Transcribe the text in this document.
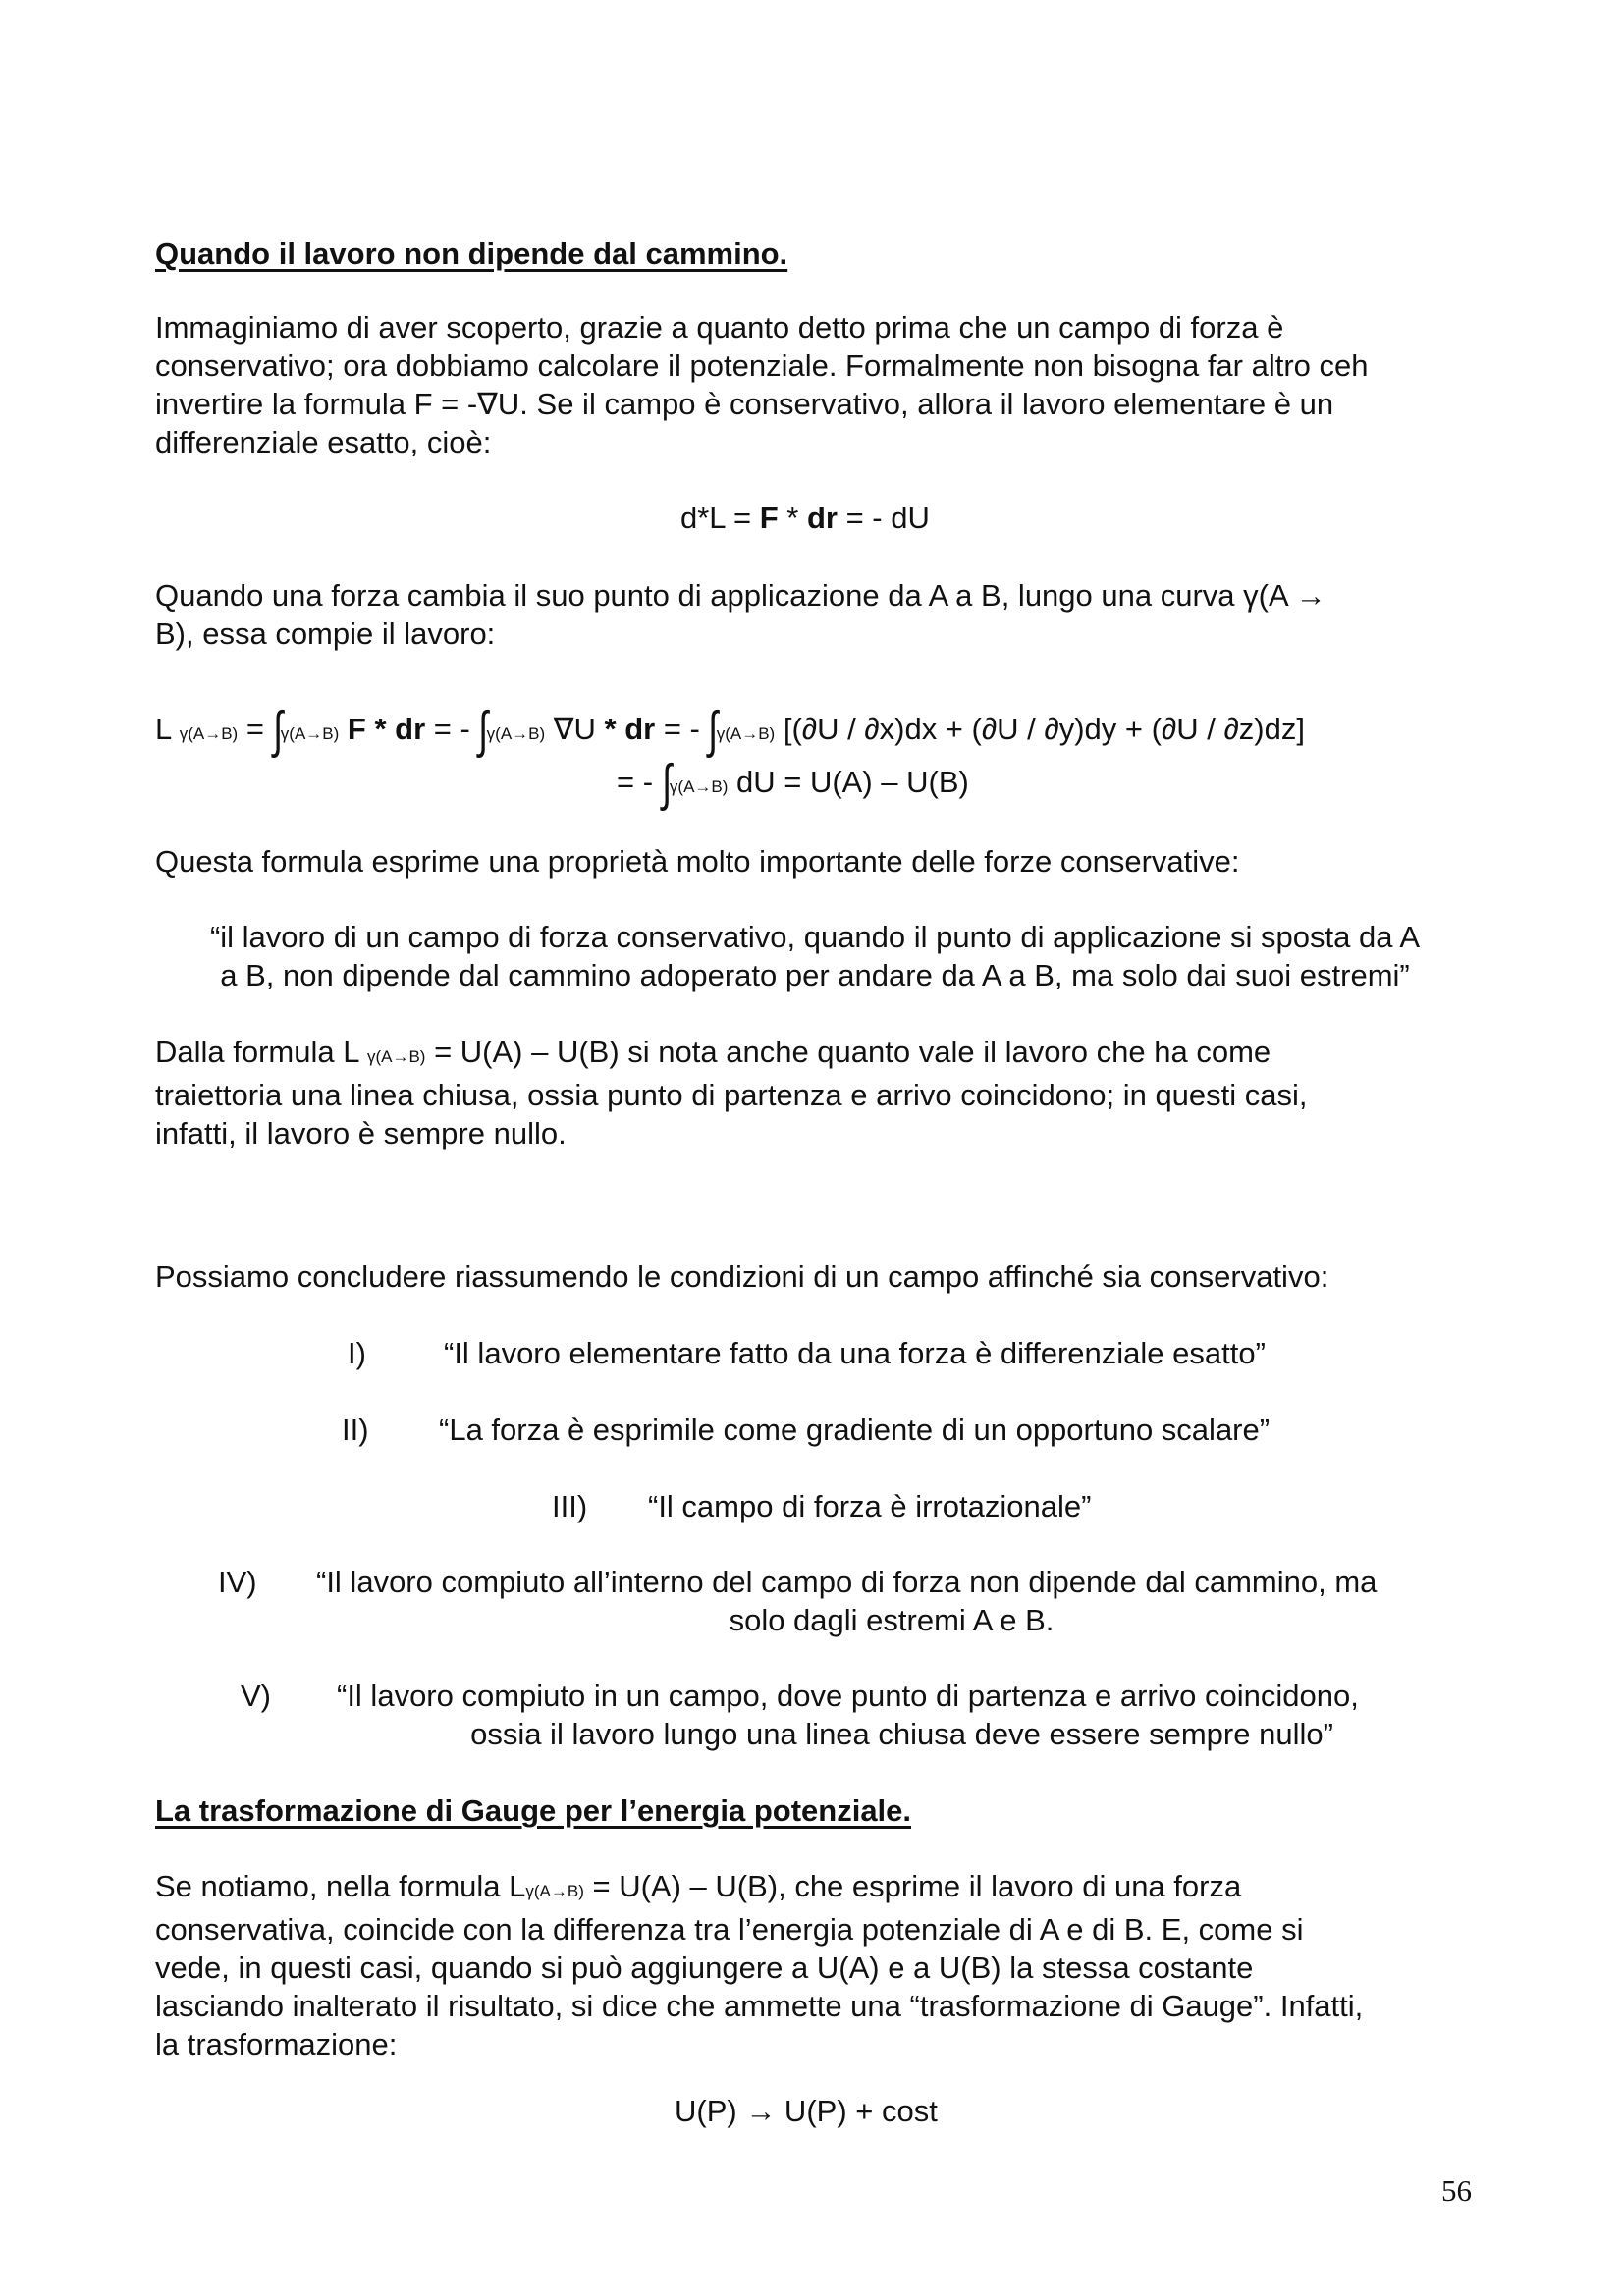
Quando il lavoro non dipende dal cammino.
Immaginiamo di aver scoperto, grazie a quanto detto prima che un campo di forza è
conservativo; ora dobbiamo calcolare il potenziale. Formalmente non bisogna far altro ceh
invertire la formula F = -∇U. Se il campo è conservativo, allora il lavoro elementare è un
differenziale esatto, cioè:
d*L = F * dr = - dU
Quando una forza cambia il suo punto di applicazione da A a B, lungo una curva γ(A →
B), essa compie il lavoro:
L γ(A→B) = ∫γ(A→B) F * dr = - ∫γ(A→B) ∇U * dr = - ∫γ(A→B) [(∂U / ∂x)dx + (∂U / ∂y)dy + (∂U / ∂z)dz]
= - ∫γ(A→B) dU = U(A) – U(B)
Questa formula esprime una proprietà molto importante delle forze conservative:
“il lavoro di un campo di forza conservativo, quando il punto di applicazione si sposta da A
a B, non dipende dal cammino adoperato per andare da A a B, ma solo dai suoi estremi”
Dalla formula L γ(A→B) = U(A) – U(B) si nota anche quanto vale il lavoro che ha come
traiettoria una linea chiusa, ossia punto di partenza e arrivo coincidono; in questi casi,
infatti, il lavoro è sempre nullo.
Possiamo concludere riassumendo le condizioni di un campo affinché sia conservativo:
I)	“Il lavoro elementare fatto da una forza è differenziale esatto”
II) “La forza è esprimile come gradiente di un opportuno scalare”
III) “Il campo di forza è irrotazionale”
IV) “Il lavoro compiuto all’interno del campo di forza non dipende dal cammino, ma
solo dagli estremi A e B.
V) “Il lavoro compiuto in un campo, dove punto di partenza e arrivo coincidono,
ossia il lavoro lungo una linea chiusa deve essere sempre nullo”
La trasformazione di Gauge per l’energia potenziale.
Se notiamo, nella formula Lγ(A→B) = U(A) – U(B), che esprime il lavoro di una forza
conservativa, coincide con la differenza tra l’energia potenziale di A e di B. E, come si
vede, in questi casi, quando si può aggiungere a U(A) e a U(B) la stessa costante
lasciando inalterato il risultato, si dice che ammette una “trasformazione di Gauge”. Infatti,
la trasformazione:
U(P) → U(P) + cost
56
